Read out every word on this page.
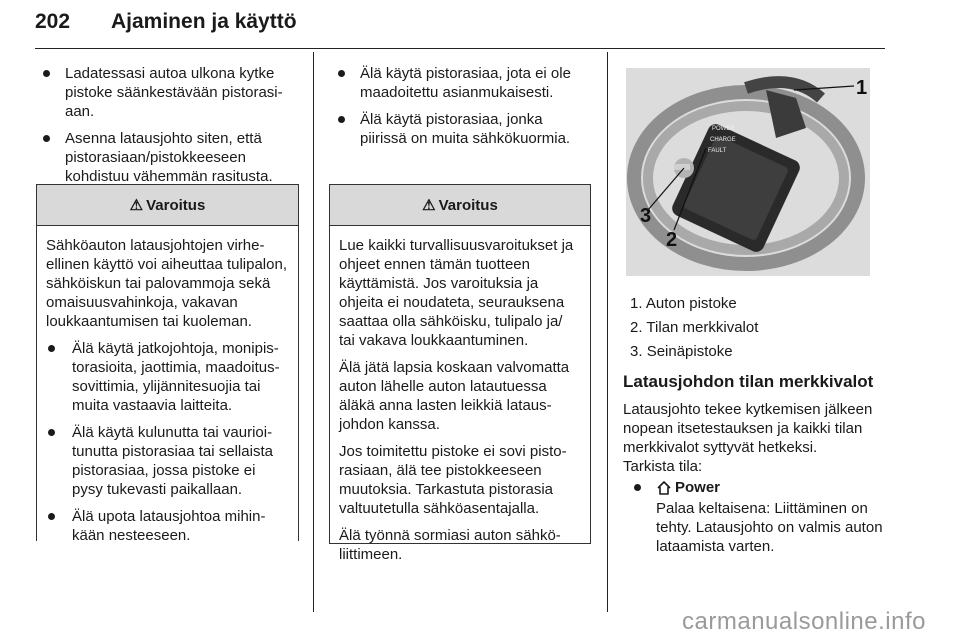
202 Ajaminen ja käyttö
Ladatessasi autoa ulkona kytke pistoke säänkestävään pistorasiaan.
Asenna latausjohto siten, että pistorasiaan/pistokkeeseen kohdistuu vähemmän rasitusta.
⚠ Varoitus

Sähköauton latausjohtojen virheellinen käyttö voi aiheuttaa tulipalon, sähköiskun tai palovammoja sekä omaisuusvahinkoja, vakavan loukkaantumisen tai kuoleman.

Älä käytä jatkojohtoja, monipistorasioita, jaottimia, maadoitussovittimia, ylijännitesuojia tai muita vastaavia laitteita.
Älä käytä kulunutta tai vaurioitunutta pistorasiaa tai sellaista pistorasiaa, jossa pistoke ei pysy tukevasti paikallaan.
Älä upota latausjohtoa mihinkään nesteeseen.
Älä käytä pistorasiaa, jota ei ole maadoitettu asianmukaisesti.
Älä käytä pistorasiaa, jonka piirissä on muita sähkökuormia.
⚠ Varoitus

Lue kaikki turvallisuusvaroitukset ja ohjeet ennen tämän tuotteen käyttämistä. Jos varoituksia ja ohjeita ei noudateta, seurauksena saattaa olla sähköisku, tulipalo ja/ tai vakava loukkaantuminen.

Älä jätä lapsia koskaan valvomatta auton lähelle auton latautuessa äläkä anna lasten leikkiä latausjohdon kanssa.

Jos toimitettu pistoke ei sovi pistorasiaan, älä tee pistokkeeseen muutoksia. Tarkastuta pistorasia valtuutetulla sähköasentajalla.

Älä työnnä sormiasi auton sähköliittimeen.

POWER
CHARGE
FAULT
1
2
3
1. Auton pistoke
2. Tilan merkkivalot
3. Seinäpistoke
Latausjohdon tilan merkkivalot
Latausjohto tekee kytkemisen jälkeen nopean itsetestauksen ja kaikki tilan merkkivalot syttyvät hetkeksi.
Tarkista tila:
Power
Palaa keltaisena: Liittäminen on tehty. Latausjohto on valmis auton lataamista varten.
carmanualsonline.info
